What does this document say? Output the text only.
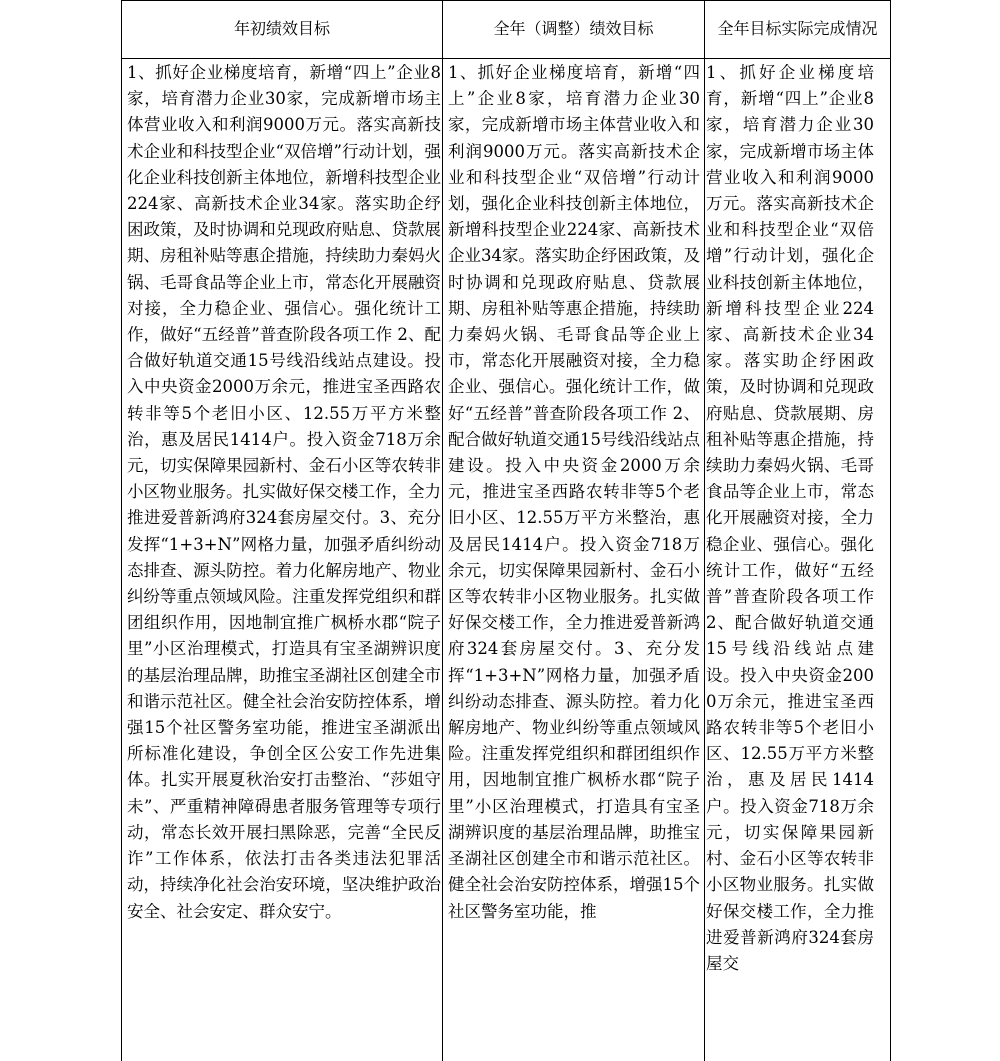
年初绩效目标	全年（调整）绩效目标	全年目标实际完成情况
1、抓好企业梯度培育，新增“四上”企业8家，培育潜力企业30家，完成新增市场主体营业收入和利润9000万元。落实高新技术企业和科技型企业“双倍增”行动计划，强化企业科技创新主体地位，新增科技型企业224家、高新技术企业34家。落实助企纾困政策，及时协调和兑现政府贴息、贷款展期、房租补贴等惠企措施，持续助力秦妈火锅、毛哥食品等企业上市，常态化开展融资对接，全力稳企业、强信心。强化统计工作，做好“五经普”普查阶段各项工作 2、配合做好轨道交通15号线沿线站点建设。投入中央资金2000万余元，推进宝圣西路农转非等5个老旧小区、12.55万平方米整治，惠及居民1414户。投入资金718万余元，切实保障果园新村、金石小区等农转非小区物业服务。扎实做好保交楼工作，全力推进爱普新鸿府324套房屋交付。3、充分发挥“1+3+N”网格力量，加强矛盾纠纷动态排查、源头防控。着力化解房地产、物业纠纷等重点领域风险。注重发挥党组织和群团组织作用，因地制宜推广枫桥水郡“院子里”小区治理模式，打造具有宝圣湖辨识度的基层治理品牌，助推宝圣湖社区创建全市和谐示范社区。健全社会治安防控体系，增强15个社区警务室功能，推进宝圣湖派出所标准化建设，争创全区公安工作先进集体。扎实开展夏秋治安打击整治、“莎姐守未”、严重精神障碍患者服务管理等专项行动，常态长效开展扫黑除恶，完善“全民反诈”工作体系，依法打击各类违法犯罪活动，持续净化社会治安环境，坚决维护政治安全、社会安定、群众安宁。
1、抓好企业梯度培育，新增“四上”企业8家，培育潜力企业30家，完成新增市场主体营业收入和利润9000万元。落实高新技术企业和科技型企业“双倍增”行动计划，强化企业科技创新主体地位，新增科技型企业224家、高新技术企业34家。落实助企纾困政策，及时协调和兑现政府贴息、贷款展期、房租补贴等惠企措施，持续助力秦妈火锅、毛哥食品等企业上市，常态化开展融资对接，全力稳企业、强信心。强化统计工作，做好“五经普”普查阶段各项工作 2、配合做好轨道交通15号线沿线站点建设。投入中央资金2000万余元，推进宝圣西路农转非等5个老旧小区、12.55万平方米整治，惠及居民1414户。投入资金718万余元，切实保障果园新村、金石小区等农转非小区物业服务。扎实做好保交楼工作，全力推进爱普新鸿府324套房屋交付。3、充分发挥“1+3+N”网格力量，加强矛盾纠纷动态排查、源头防控。着力化解房地产、物业纠纷等重点领域风险。注重发挥党组织和群团组织作用，因地制宜推广枫桥水郡“院子里”小区治理模式，打造具有宝圣湖辨识度的基层治理品牌，助推宝圣湖社区创建全市和谐示范社区。健全社会治安防控体系，增强15个社区警务室功能，推
1、抓好企业梯度培育，新增“四上”企业8家，培育潜力企业30家，完成新增市场主体营业收入和利润9000万元。落实高新技术企业和科技型企业“双倍增”行动计划，强化企业科技创新主体地位，新增科技型企业224家、高新技术企业34家。落实助企纾困政策，及时协调和兑现政府贴息、贷款展期、房租补贴等惠企措施，持续助力秦妈火锅、毛哥食品等企业上市，常态化开展融资对接，全力稳企业、强信心。强化统计工作，做好“五经普”普查阶段各项工作 2、配合做好轨道交通15号线沿线站点建设。投入中央资金2000万余元，推进宝圣西路农转非等5个老旧小区、12.55万平方米整治，惠及居民1414户。投入资金718万余元，切实保障果园新村、金石小区等农转非小区物业服务。扎实做好保交楼工作，全力推进爱普新鸿府324套房屋交
